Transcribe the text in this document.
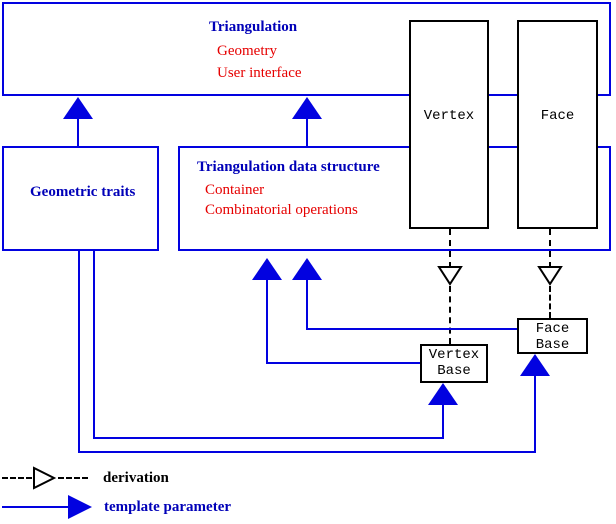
Triangulation
Geometry
User interface
Geometric traits
Triangulation data structure
Container
Combinatorial operations
Vertex	Face
Vertex
Base
Face
Base
derivation
template parameter
